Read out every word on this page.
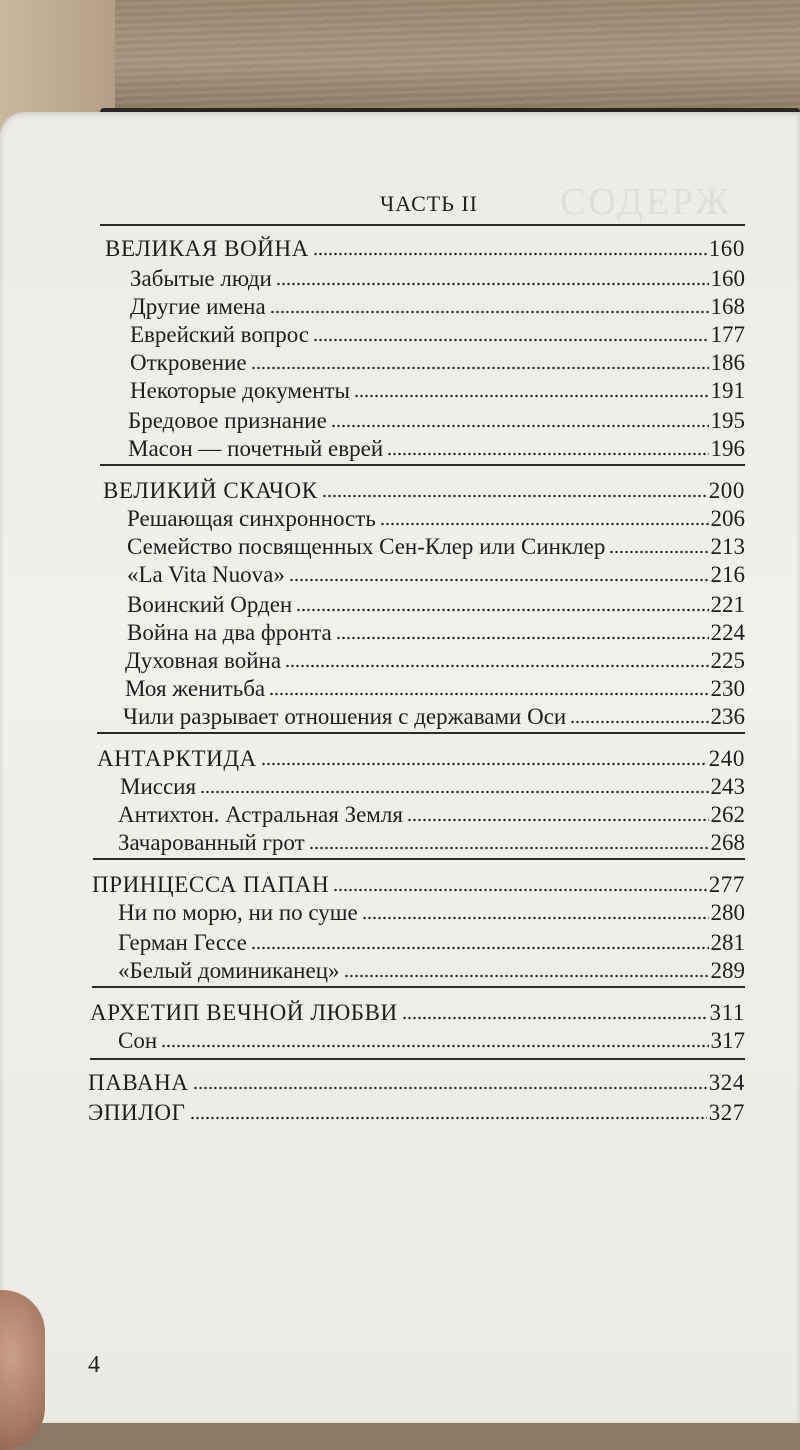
СОДЕРЖ
ЧАСТЬ II
ВЕЛИКАЯ ВОЙНА	160
Забытые люди	160
Другие имена	168
Еврейский вопрос	177
Откровение	186
Некоторые документы	191
Бредовое признание	195
Масон — почетный еврей	196
ВЕЛИКИЙ СКАЧОК	200
Решающая синхронность	206
Семейство посвященных Сен-Клер или Синклер	213
«La Vita Nuova»	216
Воинский Орден	221
Война на два фронта	224
Духовная война	225
Моя женитьба	230
Чили разрывает отношения с державами Оси	236
АНТАРКТИДА	240
Миссия	243
Антихтон. Астральная Земля	262
Зачарованный грот	268
ПРИНЦЕССА ПАПАН	277
Ни по морю, ни по суше	280
Герман Гессе	281
«Белый доминиканец»	289
АРХЕТИП ВЕЧНОЙ ЛЮБВИ	311
Сон	317
ПАВАНА	324
ЭПИЛОГ	327
4
